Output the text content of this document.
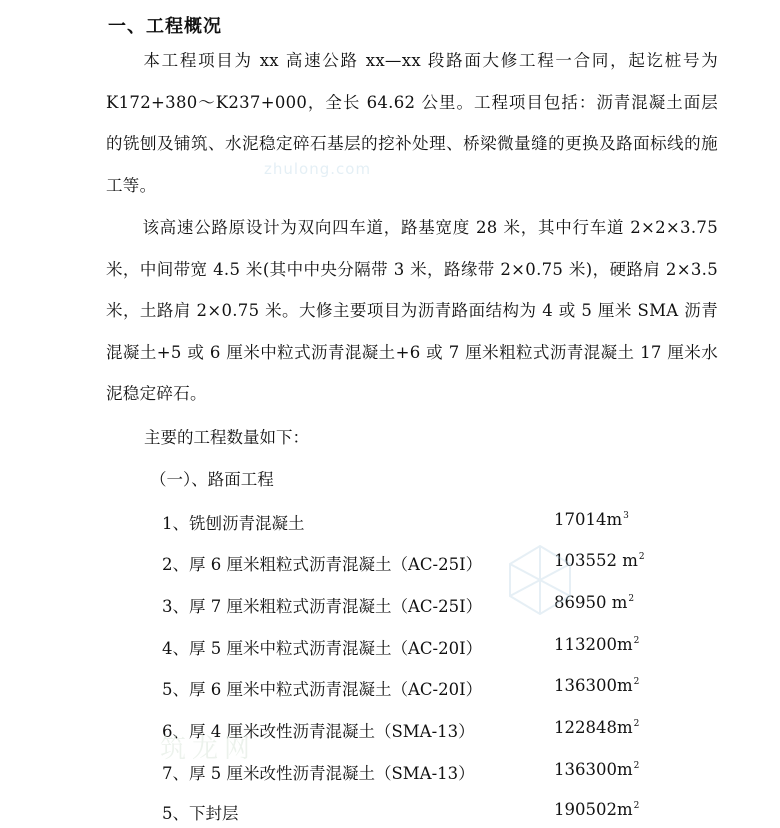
一、工程概况

本工程项目为 xx 高速公路 xx—xx 段路面大修工程一合同，起讫桩号为K172+380～K237+000，全长 64.62 公里。工程项目包括：沥青混凝土面层的铣刨及铺筑、水泥稳定碎石基层的挖补处理、桥梁微量缝的更换及路面标线的施工等。

该高速公路原设计为双向四车道，路基宽度 28 米，其中行车道 2×2×3.75 米，中间带宽 4.5 米(其中中央分隔带 3 米，路缘带 2×0.75 米)，硬路肩 2×3.5 米，土路肩 2×0.75 米。大修主要项目为沥青路面结构为 4 或 5 厘米 SMA 沥青混凝土+5 或 6 厘米中粒式沥青混凝土+6 或 7 厘米粗粒式沥青混凝土 17 厘米水泥稳定碎石。

主要的工程数量如下：
（一）、路面工程
1、铣刨沥青混凝土	$17014m^3$
2、厚 6 厘米粗粒式沥青混凝土（AC-25Ⅰ）	103552 $m^2$
3、厚 7 厘米粗粒式沥青混凝土（AC-25Ⅰ）	86950 $m^2$
4、厚 5 厘米中粒式沥青混凝土（AC-20Ⅰ）	$113200m^2$
5、厚 6 厘米中粒式沥青混凝土（AC-20Ⅰ）	$136300m^2$
6、厚 4 厘米改性沥青混凝土（SMA-13）	$122848m^2$
7、厚 5 厘米改性沥青混凝土（SMA-13）	$136300m^2$
5、下封层	$190502m^2$
zhulong.com
筑龙网
